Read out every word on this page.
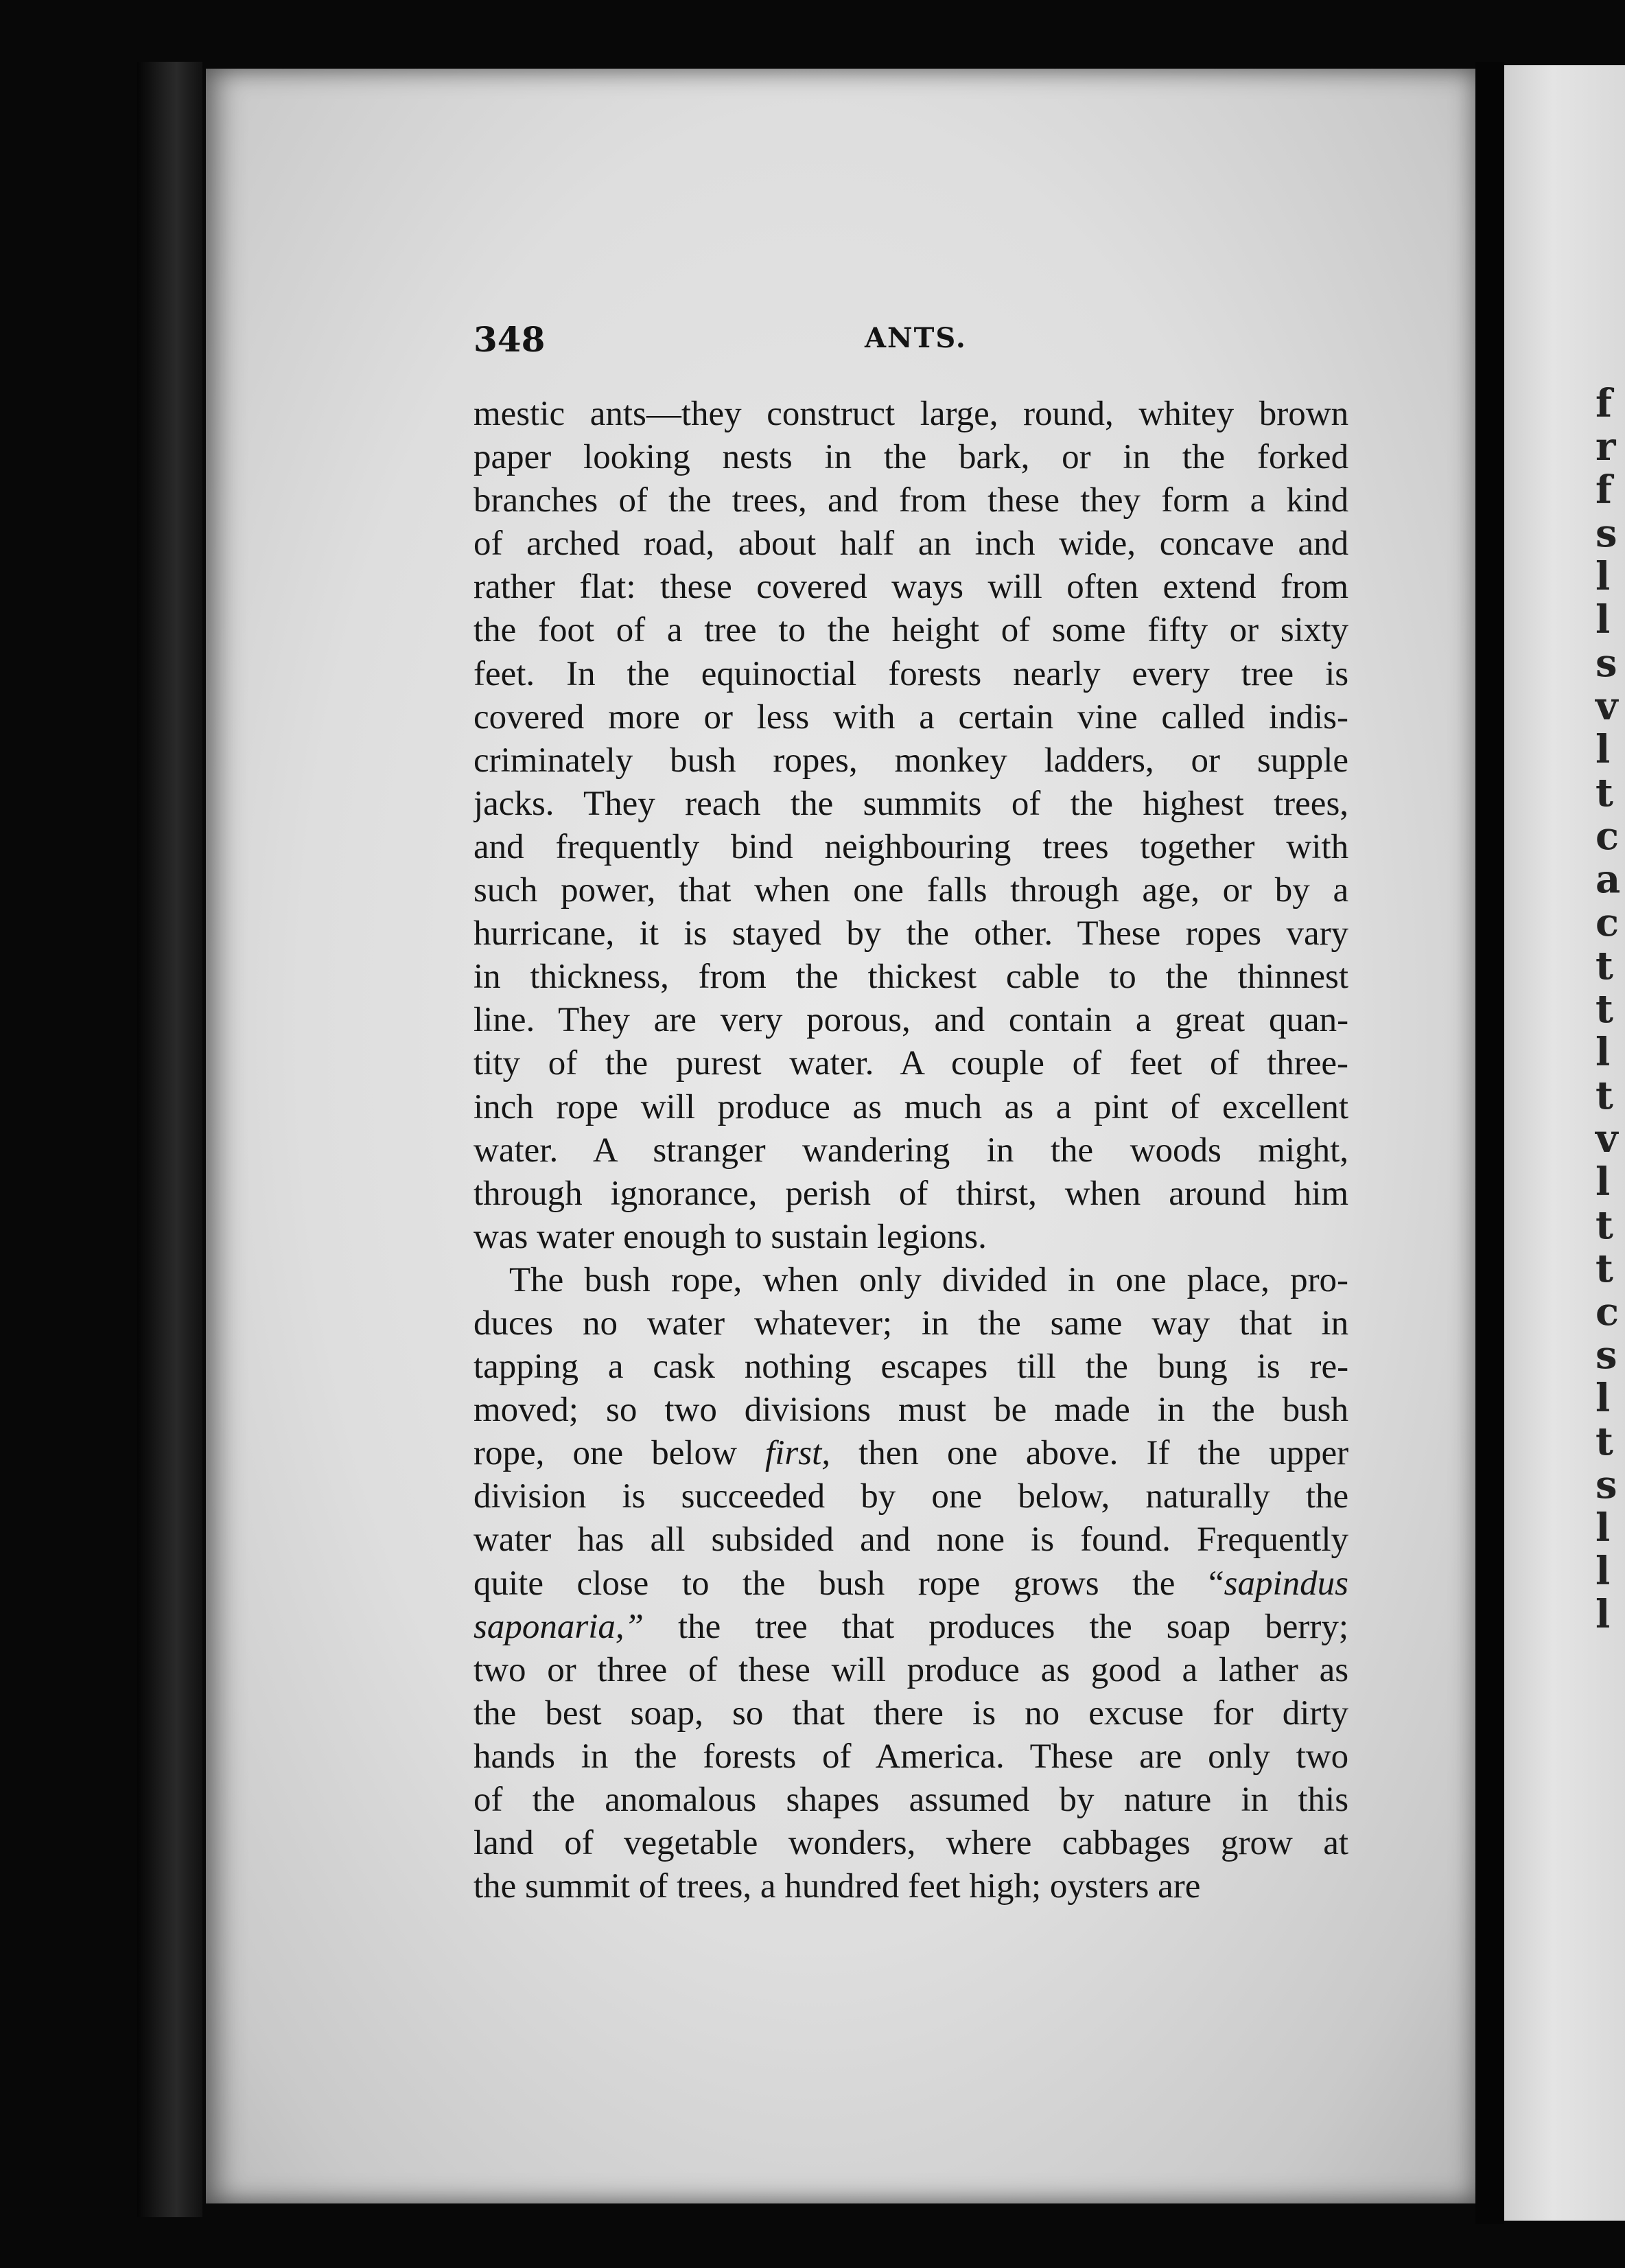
f
r
f
s
l
l
s
v
l
t
c
a
c
t
t
l
t
v
l
t
t
c
s
l
t
s
l
l
l
348	ANTS.
mestic ants—they construct large, round, whitey brown
paper looking nests in the bark, or in the forked
branches of the trees, and from these they form a kind
of arched road, about half an inch wide, concave and
rather flat: these covered ways will often extend from
the foot of a tree to the height of some fifty or sixty
feet. In the equinoctial forests nearly every tree is
covered more or less with a certain vine called indis-
criminately bush ropes, monkey ladders, or supple
jacks. They reach the summits of the highest trees,
and frequently bind neighbouring trees together with
such power, that when one falls through age, or by a
hurricane, it is stayed by the other. These ropes vary
in thickness, from the thickest cable to the thinnest
line. They are very porous, and contain a great quan-
tity of the purest water. A couple of feet of three-
inch rope will produce as much as a pint of excellent
water. A stranger wandering in the woods might,
through ignorance, perish of thirst, when around him
was water enough to sustain legions.
The bush rope, when only divided in one place, pro-
duces no water whatever; in the same way that in
tapping a cask nothing escapes till the bung is re-
moved; so two divisions must be made in the bush
rope, one below first, then one above. If the upper
division is succeeded by one below, naturally the
water has all subsided and none is found. Frequently
quite close to the bush rope grows the “sapindus
saponaria,” the tree that produces the soap berry;
two or three of these will produce as good a lather as
the best soap, so that there is no excuse for dirty
hands in the forests of America. These are only two
of the anomalous shapes assumed by nature in this
land of vegetable wonders, where cabbages grow at
the summit of trees, a hundred feet high; oysters are
